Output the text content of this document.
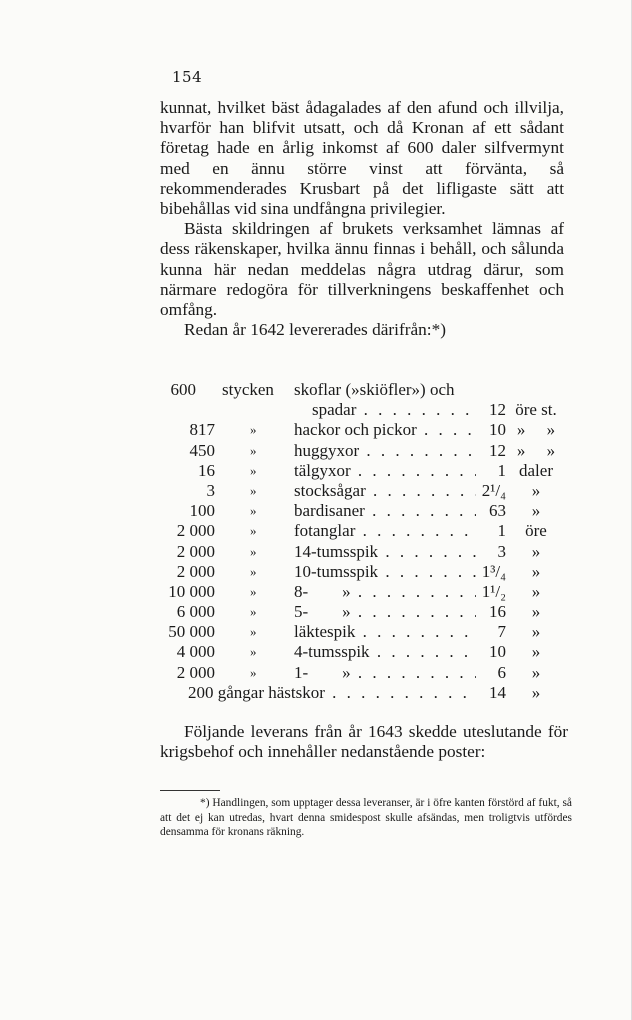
154

kunnat, hvilket bäst ådagalades af den afund och illvilja, hvarför han blifvit utsatt, och då Kronan af ett sådant företag hade en årlig inkomst af 600 daler silfvermynt med en ännu större vinst att förvänta, så rekommenderades Krusbart på det lifligaste sätt att bibehållas vid sina undfångna privilegier.

Bästa skildringen af brukets verksamhet lämnas af dess räkenskaper, hvilka ännu finnas i behåll, och sålunda kunna här nedan meddelas några utdrag därur, som närmare redogöra för tillverkningens beskaffenhet och omfång.

Redan år 1642 levererades därifrån:*)

600 stycken skoflar (»skiöfler») och
spadar . . .	12 öre st.
817	» hackor och pickor . . .	10 »     »
450	» huggyxor . . .	12 »     »
16	» tälgyxor . . .	1 daler
3	» stocksågar . . .	2¹/₄	»
100	» bardisaner . . .	63	»
2 000	» fotanglar . . .	1	öre
2 000	» 14-tumsspik . . .	3	»
2 000	» 10-tumsspik . . .	1³/₄	»
10 000	» 8-        » . . .	1¹/₂	»
6 000	» 5-        » . . .	16	»
50 000	» läktespik . . .	7	»
4 000	» 4-tumsspik . . .	10	»
2 000	» 1-        » . . .	6	»
200 gångar hästskor . . .	14	»

Följande leverans från år 1643 skedde uteslutande för krigsbehof och innehåller nedanstående poster:

*) Handlingen, som upptager dessa leveranser, är i öfre kanten förstörd af fukt, så att det ej kan utredas, hvart denna smidespost skulle afsändas, men troligtvis utfördes densamma för kronans räkning.
